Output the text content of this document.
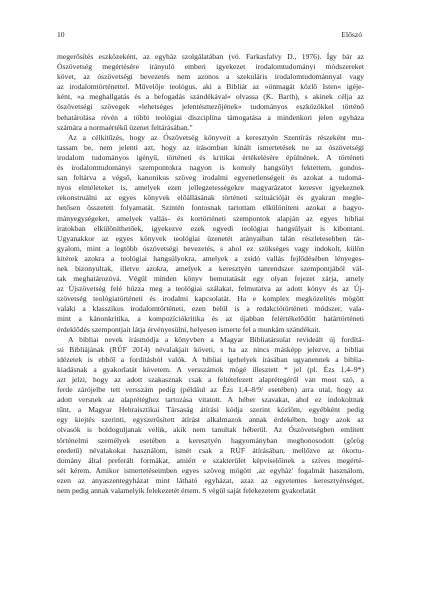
10	Előszó

megerősítés eszközeként, az egyház szolgálatában (vö. Farkasfalvy D., 1976). Így bár az
Ószövetség megértésére irányuló emberi igyekezet irodalomtudományi módszereket
követ, az ószövetségi bevezetés nem azonos a szekuláris irodalomtudománnyal vagy
az irodalomtörténettel. Művelője teológus, aki a Bibliát az »önmagát közlő Isten« igéje-
ként, »a meghallgatás és a befogadás szándékával« olvassa (K. Barth), s akinek célja az
ószövetségi szövegek »lehetséges jelentésmezőjének« tudományos eszközökkel történő
behatárolása révén a többi teológiai diszciplína támogatása a mindenkori jelen egyháza
számára a normaértékű üzenet feltárásában."

Az a célkitűzés, hogy az Ószövetség könyveit a keresztyén Szentírás részeként mu-
tassam be, nem jelenti azt, hogy az írásomban kínált ismertetések ne az ószövetségi
irodalom tudományos igényű, történeti és kritikai értékelésére épülnének. A történeti
és irodalomtudományi szempontokra nagyon is komoly hangsúlyt fektettem, gondos-
san feltárva a végső, kanonikus szöveg irodalmi egyenetlenségeit és azokat a tudomá-
nyos elméleteket is, amelyek ezen jellegzetességekre magyarázatot keresve igyekeznek
rekonstruálni az egyes könyvek előállásának történeti szituációját és gyakran megle-
hetősen összetett folyamatát. Szintén fontosnak tartottam elkülöníteni azokat a hagyo-
mányegységeket, amelyek vallás- és kortörténeti szempontok alapján az egyes bibliai
iratokban elkülöníthetőek, igyekezve ezek egyedi teológiai hangsúlyait is kibontani.
Ugyanakkor az egyes könyvek teológiai üzenetét arányaiban talán részletesebben tár-
gyalom, mint a legtöbb ószövetségi bevezetés, s ahol ez szükséges vagy indokolt, külön
kitérek azokra a teológiai hangsúlyokra, amelyek a zsidó vallás fejlődésében lényeges-
nek bizonyultak, illetve azokra, amelyek a keresztyén tanrendszer szempontjából vál-
tak meghatározóvá. Végül minden könyv bemutatását egy olyan fejezet zárja, amely
az Újszövetség felé húzza meg a teológiai szálakat, felmutatva az adott könyv és az Új-
szövetség teológiatörténeti és irodalmi kapcsolatát. Ha e komplex megközelítés mögött
valaki a klasszikus irodalomtörténeti, ezen belül is a redakciótörténeti módszer, vala-
mint a kánonkritika, a kompozíciókritika és az újabban felértékelődött határtörténeti
érdeklődés szempontjait látja érvényesülni, helyesen ismerte fel a munkám szándékait.

A bibliai nevek írásmódja a könyvben a Magyar Bibliatársulat revideált új fordítá-
sú Bibliájának (RÚF 2014) névalakjait követi, s ha az nincs másképp jelezve, a bibliai
idézetek is ebből a fordításból valók. A bibliai igehelyek írásában ugyanennek a biblia-
kiadásnak a gyakorlatát követem. A versszámok mögé illesztett * jel (pl. Ézs 1,4–9*)
azt jelzi, hogy az adott szakasznak csak a feltételezett alaprétegéről van most szó, a
ferde zárójelbe tett versszám pedig (például az Ézs 1,4–8/9/ esetében) arra utal, hogy az
adott versnek az alaprétéghez tartozása vitatott. A héber szavakat, ahol ez indokoltnak
tűnt, a Magyar Hebraisztikai Társaság átírási kódja szerint közlöm, egyébként pedig
egy kiejtés szerinti, egyszerűsített átírást alkalmazok annak érdekében, hogy azok az
olvasók is boldoguljanak velük, akik nem tanultak héberül. Az Ószövetségben említett
történelmi személyek esetében a keresztyén hagyományban meghonosodott (görög
eredetű) névalakokat használom, ismét csak a RÚF átírásában, mellőzve az ókortu-
domány által preferált formákat, amiért e szakterület képviselőinek a szíves megérté-
sét kérem. Amikor ismertetéseimben egyes szöveg mögött ‚az egyház' fogalmát használom,
ezen az anyaszentegyházat mint látható egyházat, azaz az egyetemes keresztyénséget,
nem pedig annak valamelyik felekezetét értem. S végül saját felekezetem gyakorlatát
